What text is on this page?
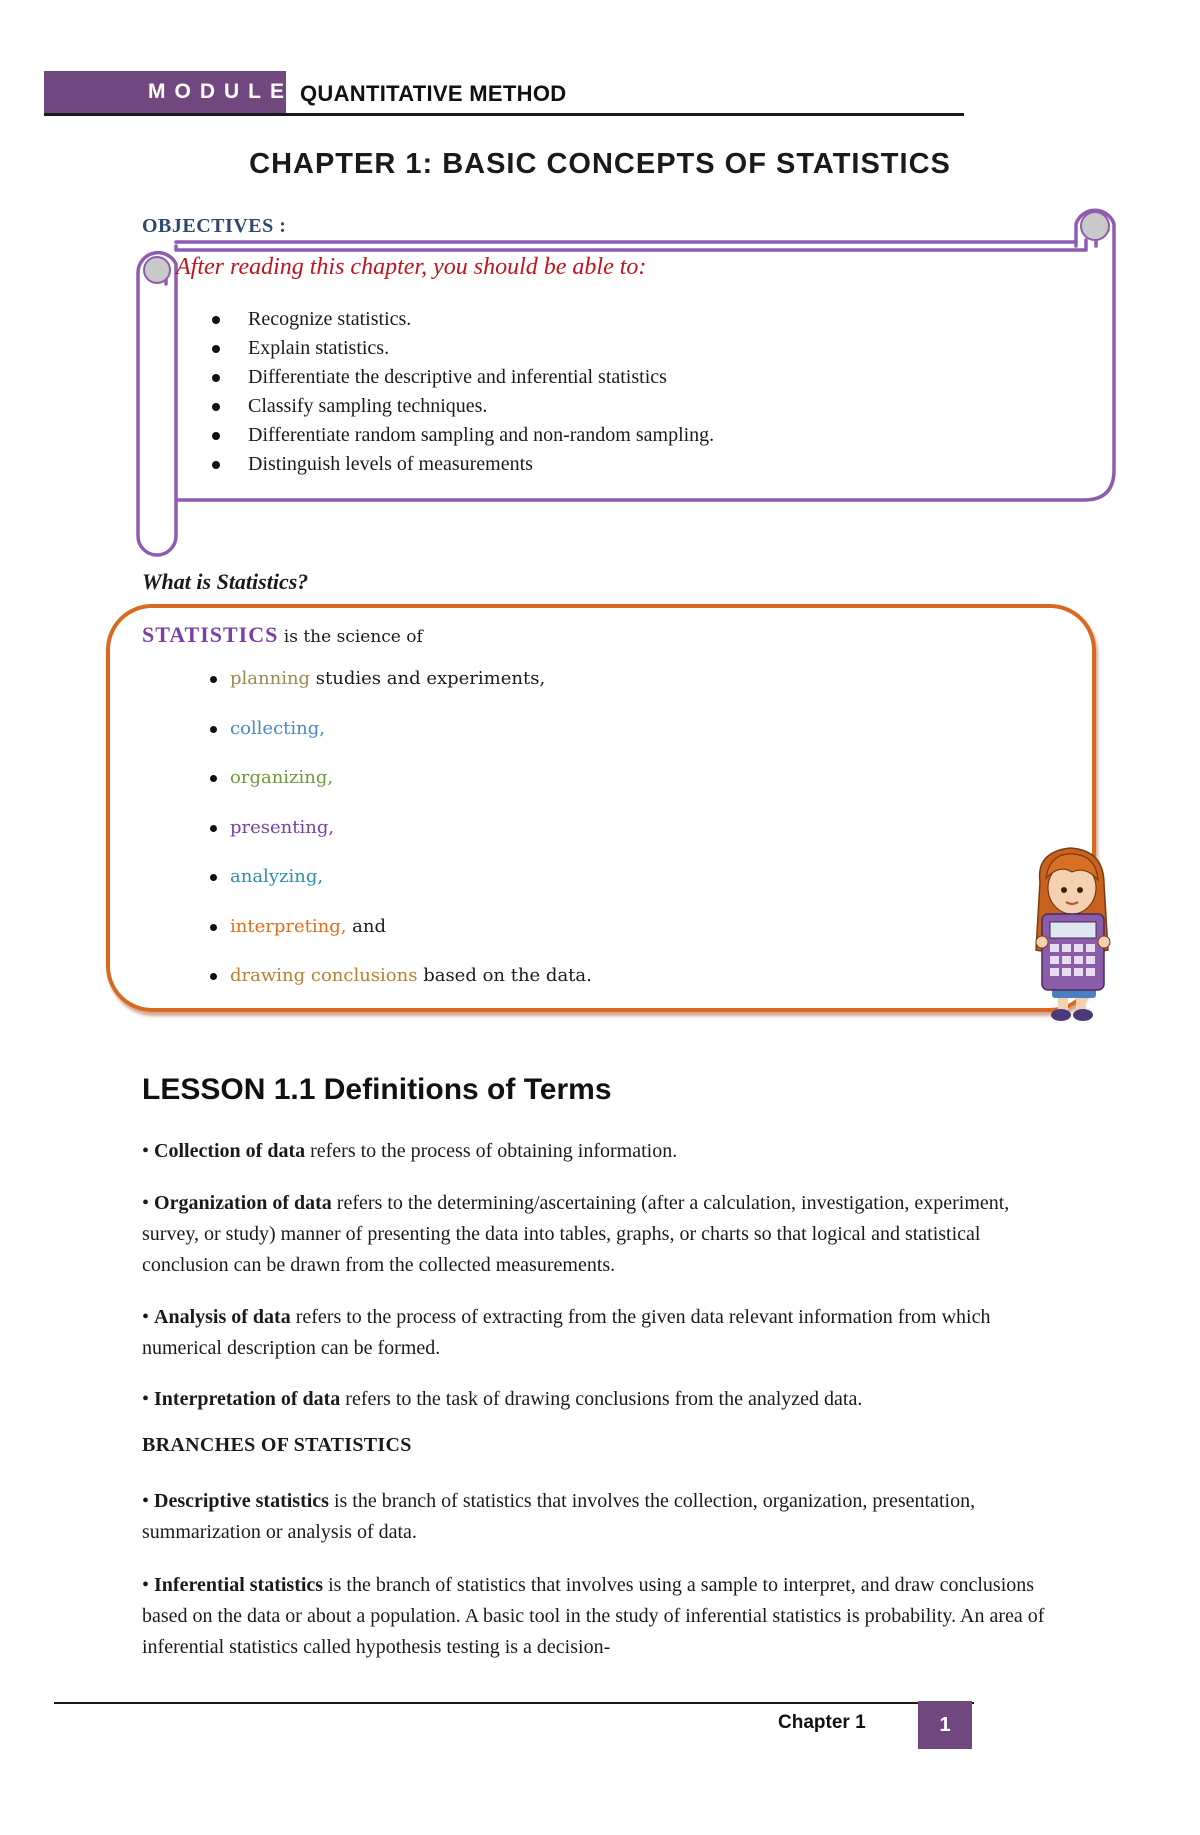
MODULE QUANTITATIVE METHOD
CHAPTER 1: BASIC CONCEPTS OF STATISTICS
OBJECTIVES :
After reading this chapter, you should be able to:
Recognize statistics.
Explain statistics.
Differentiate the descriptive and inferential statistics
Classify sampling techniques.
Differentiate random sampling and non-random sampling.
Distinguish levels of measurements
What is Statistics?
STATISTICS is the science of
planning studies and experiments,
collecting,
organizing,
presenting,
analyzing,
interpreting, and
drawing conclusions based on the data.
LESSON 1.1 Definitions of Terms
• Collection of data refers to the process of obtaining information.
• Organization of data refers to the determining/ascertaining (after a calculation, investigation, experiment, survey, or study) manner of presenting the data into tables, graphs, or charts so that logical and statistical conclusion can be drawn from the collected measurements.
• Analysis of data refers to the process of extracting from the given data relevant information from which numerical description can be formed.
• Interpretation of data refers to the task of drawing conclusions from the analyzed data.
BRANCHES OF STATISTICS
• Descriptive statistics is the branch of statistics that involves the collection, organization, presentation, summarization or analysis of data.
• Inferential statistics is the branch of statistics that involves using a sample to interpret, and draw conclusions based on the data or about a population. A basic tool in the study of inferential statistics is probability. An area of inferential statistics called hypothesis testing is a decision-
Chapter 1	1
